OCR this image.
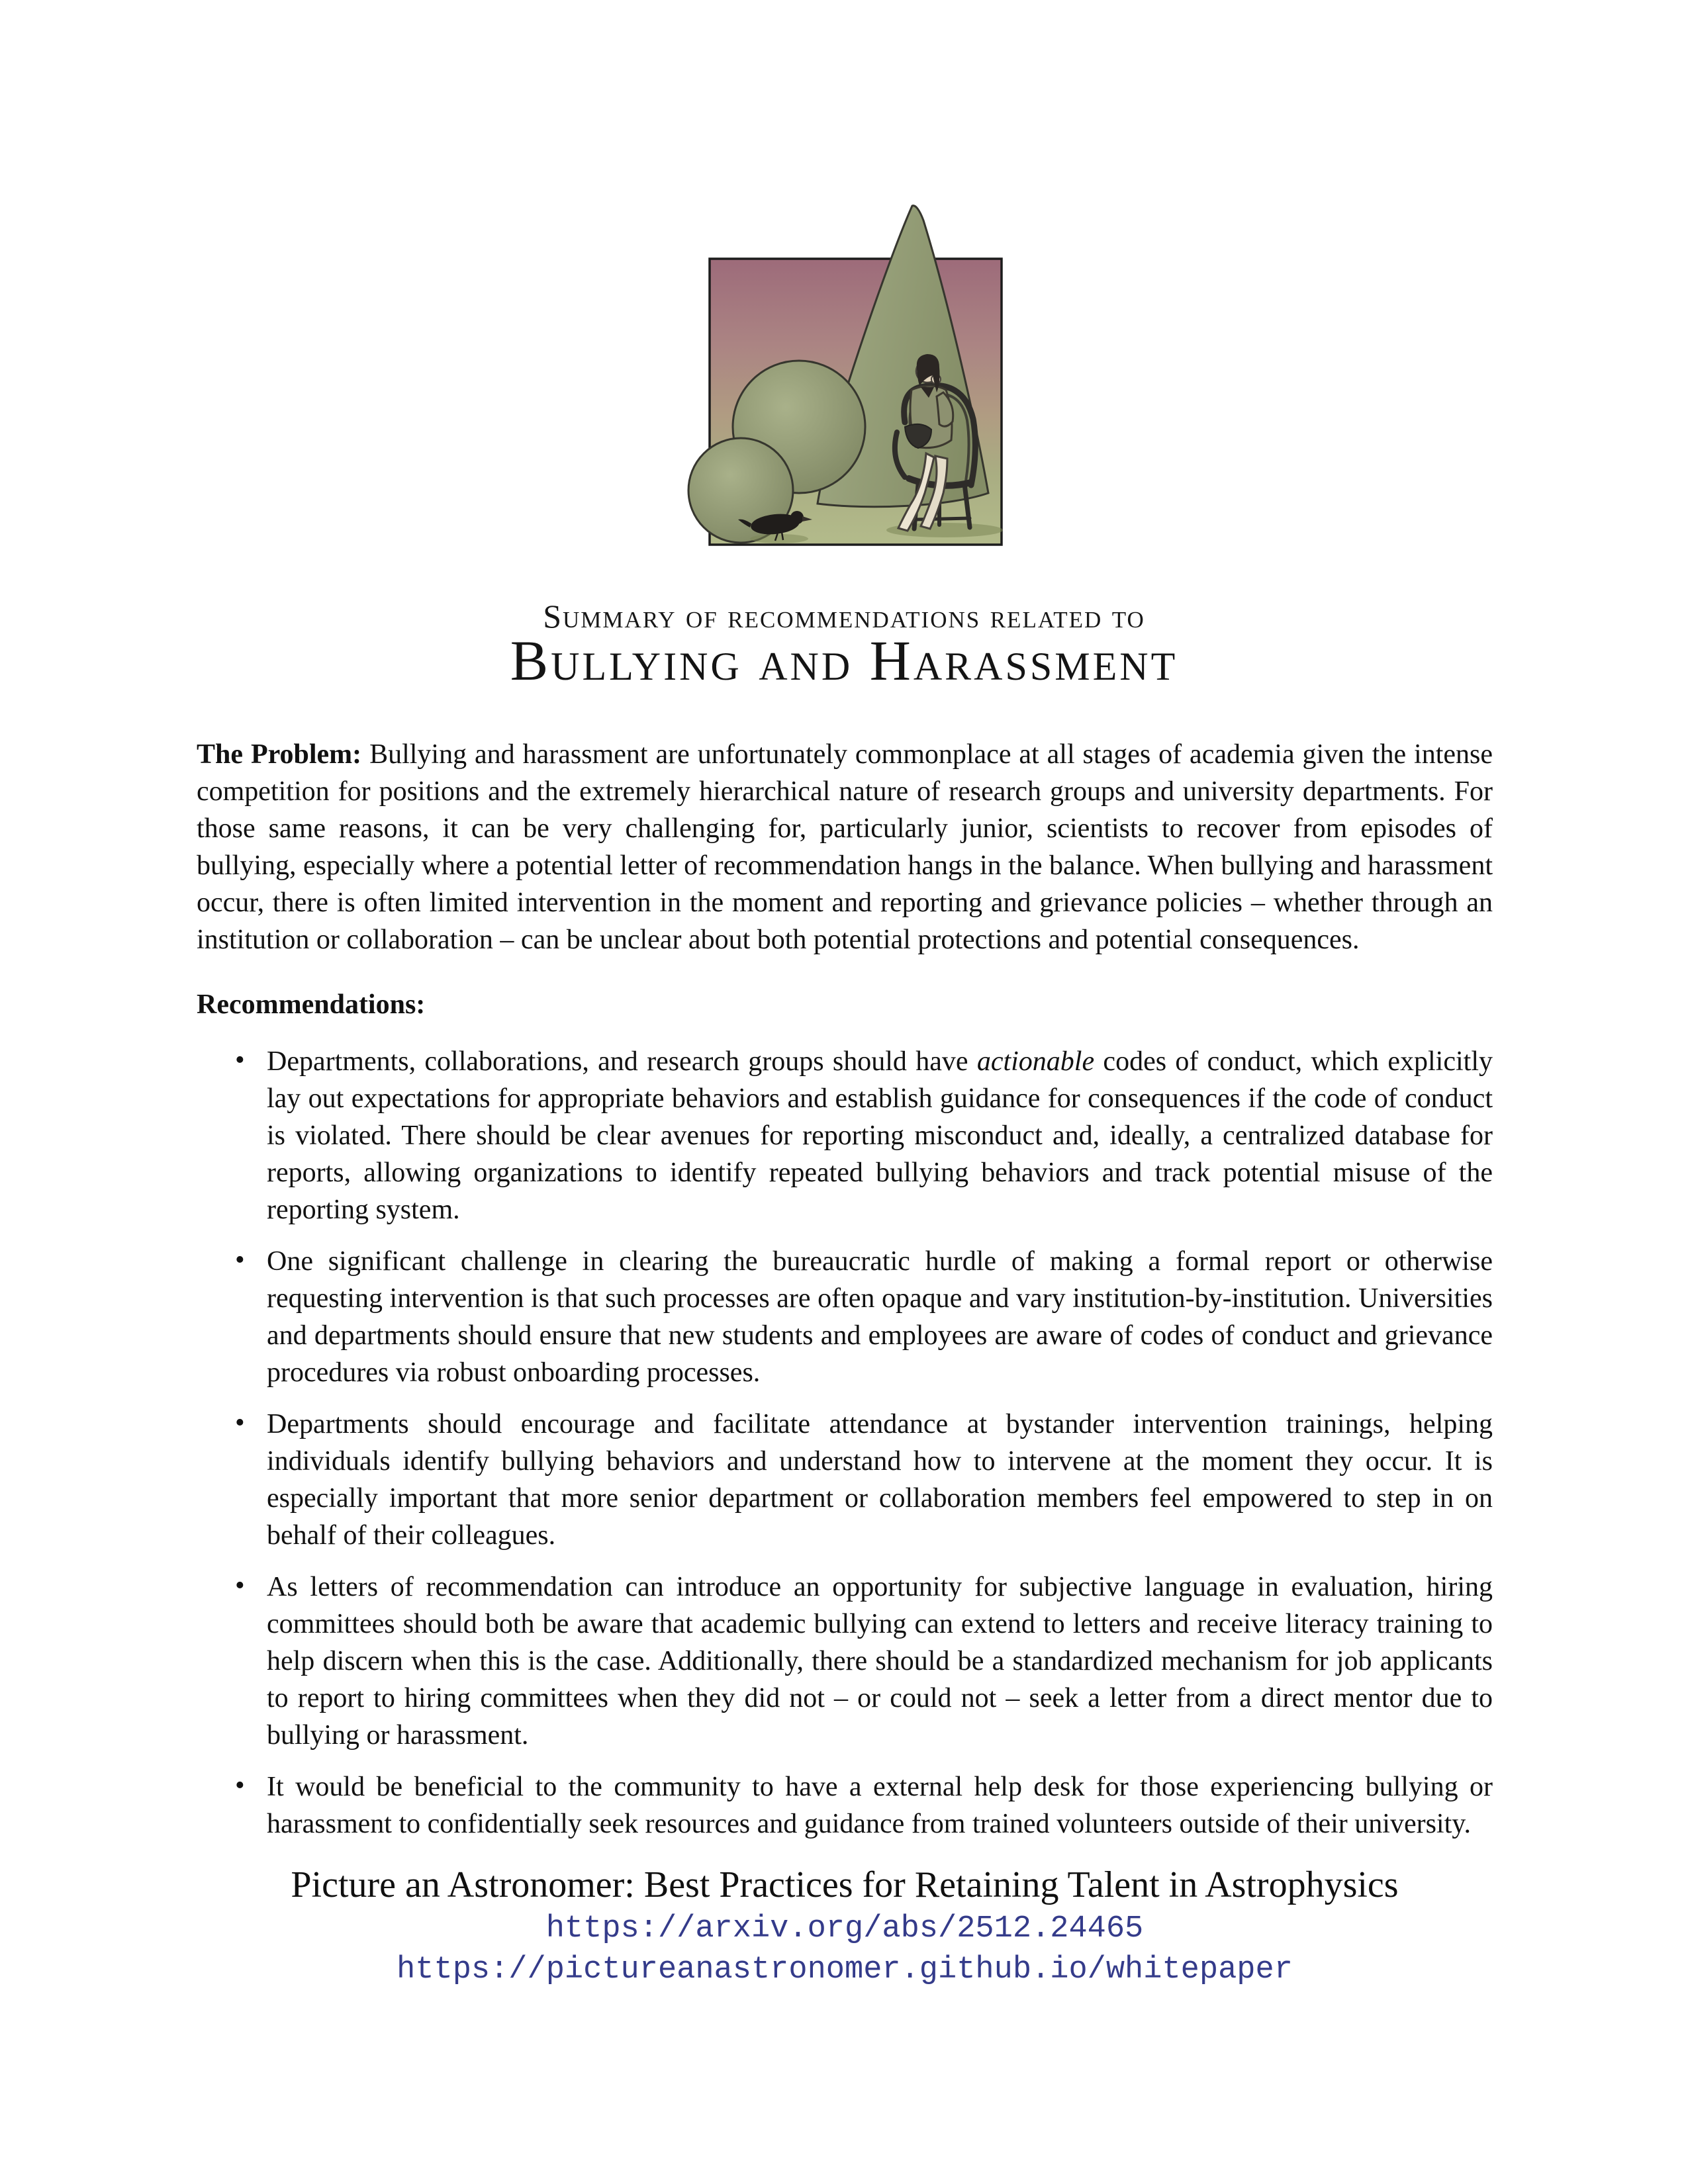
Summary of recommendations related to
Bullying and Harassment

The Problem: Bullying and harassment are unfortunately commonplace at all stages of academia given the intense competition for positions and the extremely hierarchical nature of research groups and university departments. For those same reasons, it can be very challenging for, particularly junior, scientists to recover from episodes of bullying, especially where a potential letter of recommendation hangs in the balance. When bullying and harassment occur, there is often limited intervention in the moment and reporting and grievance policies – whether through an institution or collaboration – can be unclear about both potential protections and potential consequences.

Recommendations:

• Departments, collaborations, and research groups should have actionable codes of conduct, which explicitly lay out expectations for appropriate behaviors and establish guidance for consequences if the code of conduct is violated. There should be clear avenues for reporting misconduct and, ideally, a centralized database for reports, allowing organizations to identify repeated bullying behaviors and track potential misuse of the reporting system.
• One significant challenge in clearing the bureaucratic hurdle of making a formal report or otherwise requesting intervention is that such processes are often opaque and vary institution-by-institution. Universities and departments should ensure that new students and employees are aware of codes of conduct and grievance procedures via robust onboarding processes.
• Departments should encourage and facilitate attendance at bystander intervention trainings, helping individuals identify bullying behaviors and understand how to intervene at the moment they occur. It is especially important that more senior department or collaboration members feel empowered to step in on behalf of their colleagues.
• As letters of recommendation can introduce an opportunity for subjective language in evaluation, hiring committees should both be aware that academic bullying can extend to letters and receive literacy training to help discern when this is the case. Additionally, there should be a standardized mechanism for job applicants to report to hiring committees when they did not – or could not – seek a letter from a direct mentor due to bullying or harassment.
• It would be beneficial to the community to have a external help desk for those experiencing bullying or harassment to confidentially seek resources and guidance from trained volunteers outside of their university.
Picture an Astronomer: Best Practices for Retaining Talent in Astrophysics
https://arxiv.org/abs/2512.24465
https://pictureanastronomer.github.io/whitepaper
